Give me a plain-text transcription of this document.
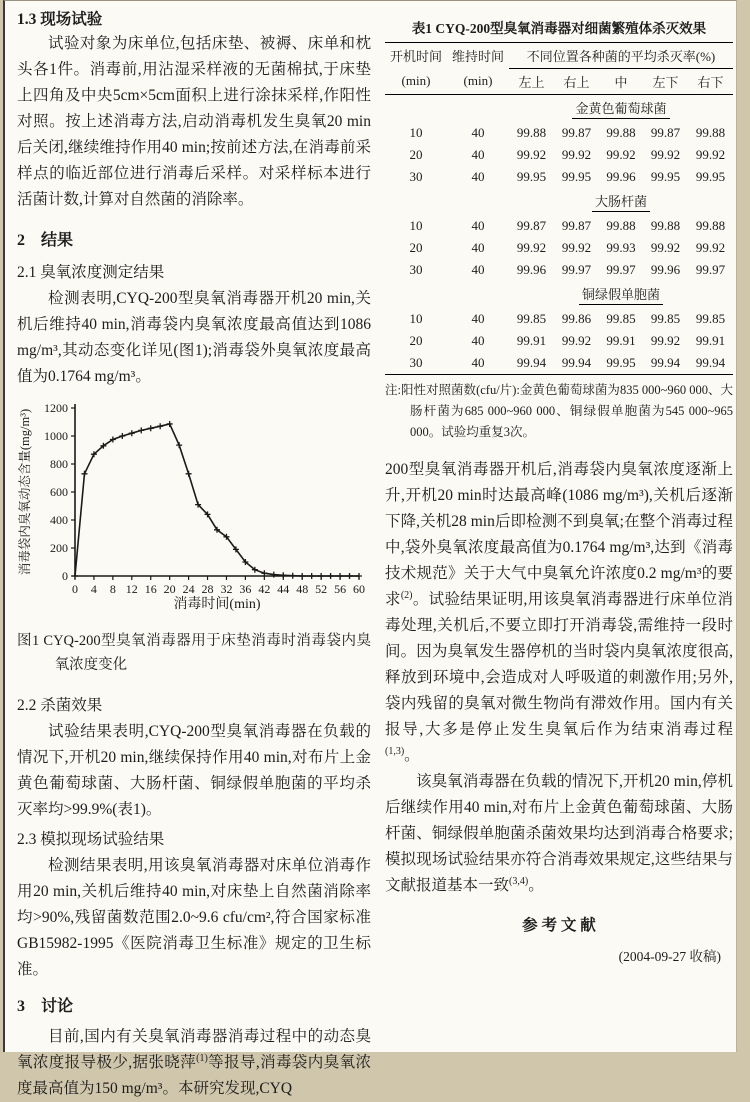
1.3 现场试验

试验对象为床单位,包括床垫、被褥、床单和枕头各1件。消毒前,用沾湿采样液的无菌棉拭,于床垫上四角及中央5cm×5cm面积上进行涂抹采样,作阳性对照。按上述消毒方法,启动消毒机发生臭氧20 min后关闭,继续维持作用40 min;按前述方法,在消毒前采样点的临近部位进行消毒后采样。对采样标本进行活菌计数,计算对自然菌的消除率。

2　结果
2.1 臭氧浓度测定结果

检测表明,CYQ-200型臭氧消毒器开机20 min,关机后维持40 min,消毒袋内臭氧浓度最高值达到1086 mg/m³,其动态变化详见(图1);消毒袋外臭氧浓度最高值为0.1764 mg/m³。

0
200
400
600
800
1000
1200
0 4 8 12 16 20 24 28 32 36 42 44 48 52 56 60
消毒袋内臭氧动态含量(mg/m³)
消毒时间(min)
图1 CYQ-200型臭氧消毒器用于床垫消毒时消毒袋内臭氧浓度变化
2.2 杀菌效果

试验结果表明,CYQ-200型臭氧消毒器在负载的情况下,开机20 min,继续保持作用40 min,对布片上金黄色葡萄球菌、大肠杆菌、铜绿假单胞菌的平均杀灭率均>99.9%(表1)。

2.3 模拟现场试验结果

检测结果表明,用该臭氧消毒器对床单位消毒作用20 min,关机后维持40 min,对床垫上自然菌消除率均>90%,残留菌数范围2.0~9.6 cfu/cm²,符合国家标准GB15982-1995《医院消毒卫生标准》规定的卫生标准。

3　讨论

目前,国内有关臭氧消毒器消毒过程中的动态臭氧浓度报导极少,据张晓萍$^{(1)}$等报导,消毒袋内臭氧浓度最高值为150 mg/m³。本研究发现,CYQ

表1 CYQ-200型臭氧消毒器对细菌繁殖体杀灭效果
开机时间	维持时间	不同位置各种菌的平均杀灭率(%)				
(min)	(min)	左上	右上	中	左下	右下
		金黄色葡萄球菌				
10	40	99.88	99.87	99.88	99.87	99.88
20	40	99.92	99.92	99.92	99.92	99.92
30	40	99.95	99.95	99.96	99.95	99.95
		大肠杆菌				
10	40	99.87	99.87	99.88	99.88	99.88
20	40	99.92	99.92	99.93	99.92	99.92
30	40	99.96	99.97	99.97	99.96	99.97
		铜绿假单胞菌				
10	40	99.85	99.86	99.85	99.85	99.85
20	40	99.91	99.92	99.91	99.92	99.91
30	40	99.94	99.94	99.95	99.94	99.94

注:阳性对照菌数(cfu/片):金黄色葡萄球菌为835 000~960 000、大肠杆菌为685 000~960 000、铜绿假单胞菌为545 000~965 000。试验均重复3次。

200型臭氧消毒器开机后,消毒袋内臭氧浓度逐渐上升,开机20 min时达最高峰(1086 mg/m³),关机后逐渐下降,关机28 min后即检测不到臭氧;在整个消毒过程中,袋外臭氧浓度最高值为0.1764 mg/m³,达到《消毒技术规范》关于大气中臭氧允许浓度0.2 mg/m³的要求$^{(2)}$。试验结果证明,用该臭氧消毒器进行床单位消毒处理,关机后,不要立即打开消毒袋,需维持一段时间。因为臭氧发生器停机的当时袋内臭氧浓度很高,释放到环境中,会造成对人呼吸道的刺激作用;另外,袋内残留的臭氧对微生物尚有滞效作用。国内有关报导,大多是停止发生臭氧后作为结束消毒过程$^{(1,3)}$。

该臭氧消毒器在负载的情况下,开机20 min,停机后继续作用40 min,对布片上金黄色葡萄球菌、大肠杆菌、铜绿假单胞菌杀菌效果均达到消毒合格要求;模拟现场试验结果亦符合消毒效果规定,这些结果与文献报道基本一致$^{(3,4)}$。

参 考 文 献
(2004-09-27 收稿)
